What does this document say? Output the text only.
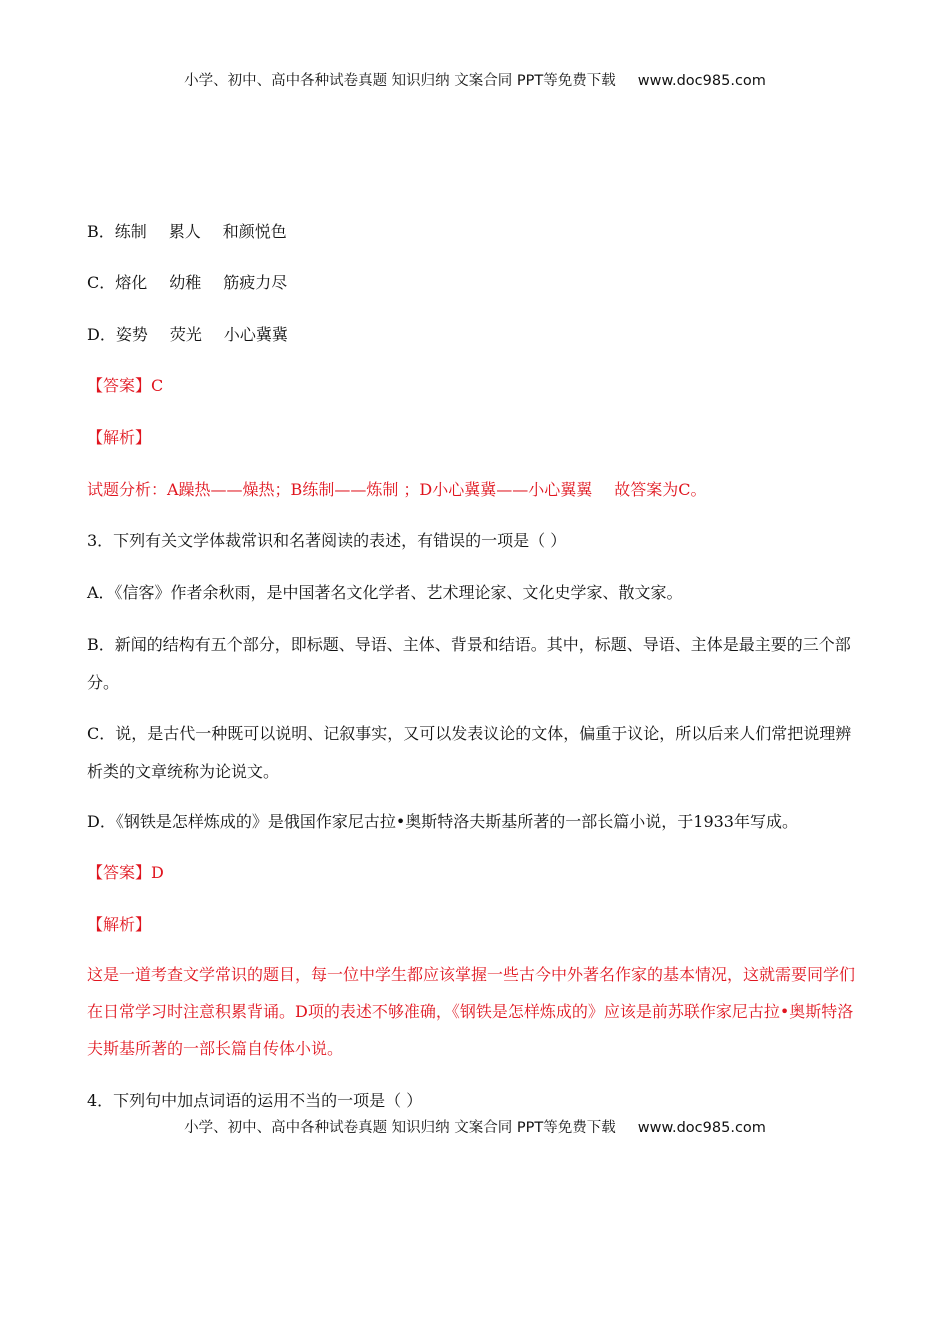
小学、初中、高中各种试卷真题 知识归纳 文案合同 PPT等免费下载 www.doc985.com
B．练制 累人 和颜悦色
C．熔化 幼稚 筋疲力尽
D．姿势 荧光 小心冀冀
【答案】C
【解析】
试题分析：A躁热——燥热；B练制——炼制 ；D小心冀冀——小心翼翼 故答案为C。
3．下列有关文学体裁常识和名著阅读的表述，有错误的一项是（ ）
A．《信客》作者余秋雨，是中国著名文化学者、艺术理论家、文化史学家、散文家。
B．新闻的结构有五个部分，即标题、导语、主体、背景和结语。其中，标题、导语、主体是最主要的三个部分。
C．说，是古代一种既可以说明、记叙事实，又可以发表议论的文体，偏重于议论，所以后来人们常把说理辨析类的文章统称为论说文。
D．《钢铁是怎样炼成的》是俄国作家尼古拉•奥斯特洛夫斯基所著的一部长篇小说，于1933年写成。
【答案】D
【解析】
这是一道考查文学常识的题目，每一位中学生都应该掌握一些古今中外著名作家的基本情况，这就需要同学们在日常学习时注意积累背诵。D项的表述不够准确，《钢铁是怎样炼成的》应该是前苏联作家尼古拉•奥斯特洛夫斯基所著的一部长篇自传体小说。
4．下列句中加点词语的运用不当的一项是（ ）
小学、初中、高中各种试卷真题 知识归纳 文案合同 PPT等免费下载 www.doc985.com
